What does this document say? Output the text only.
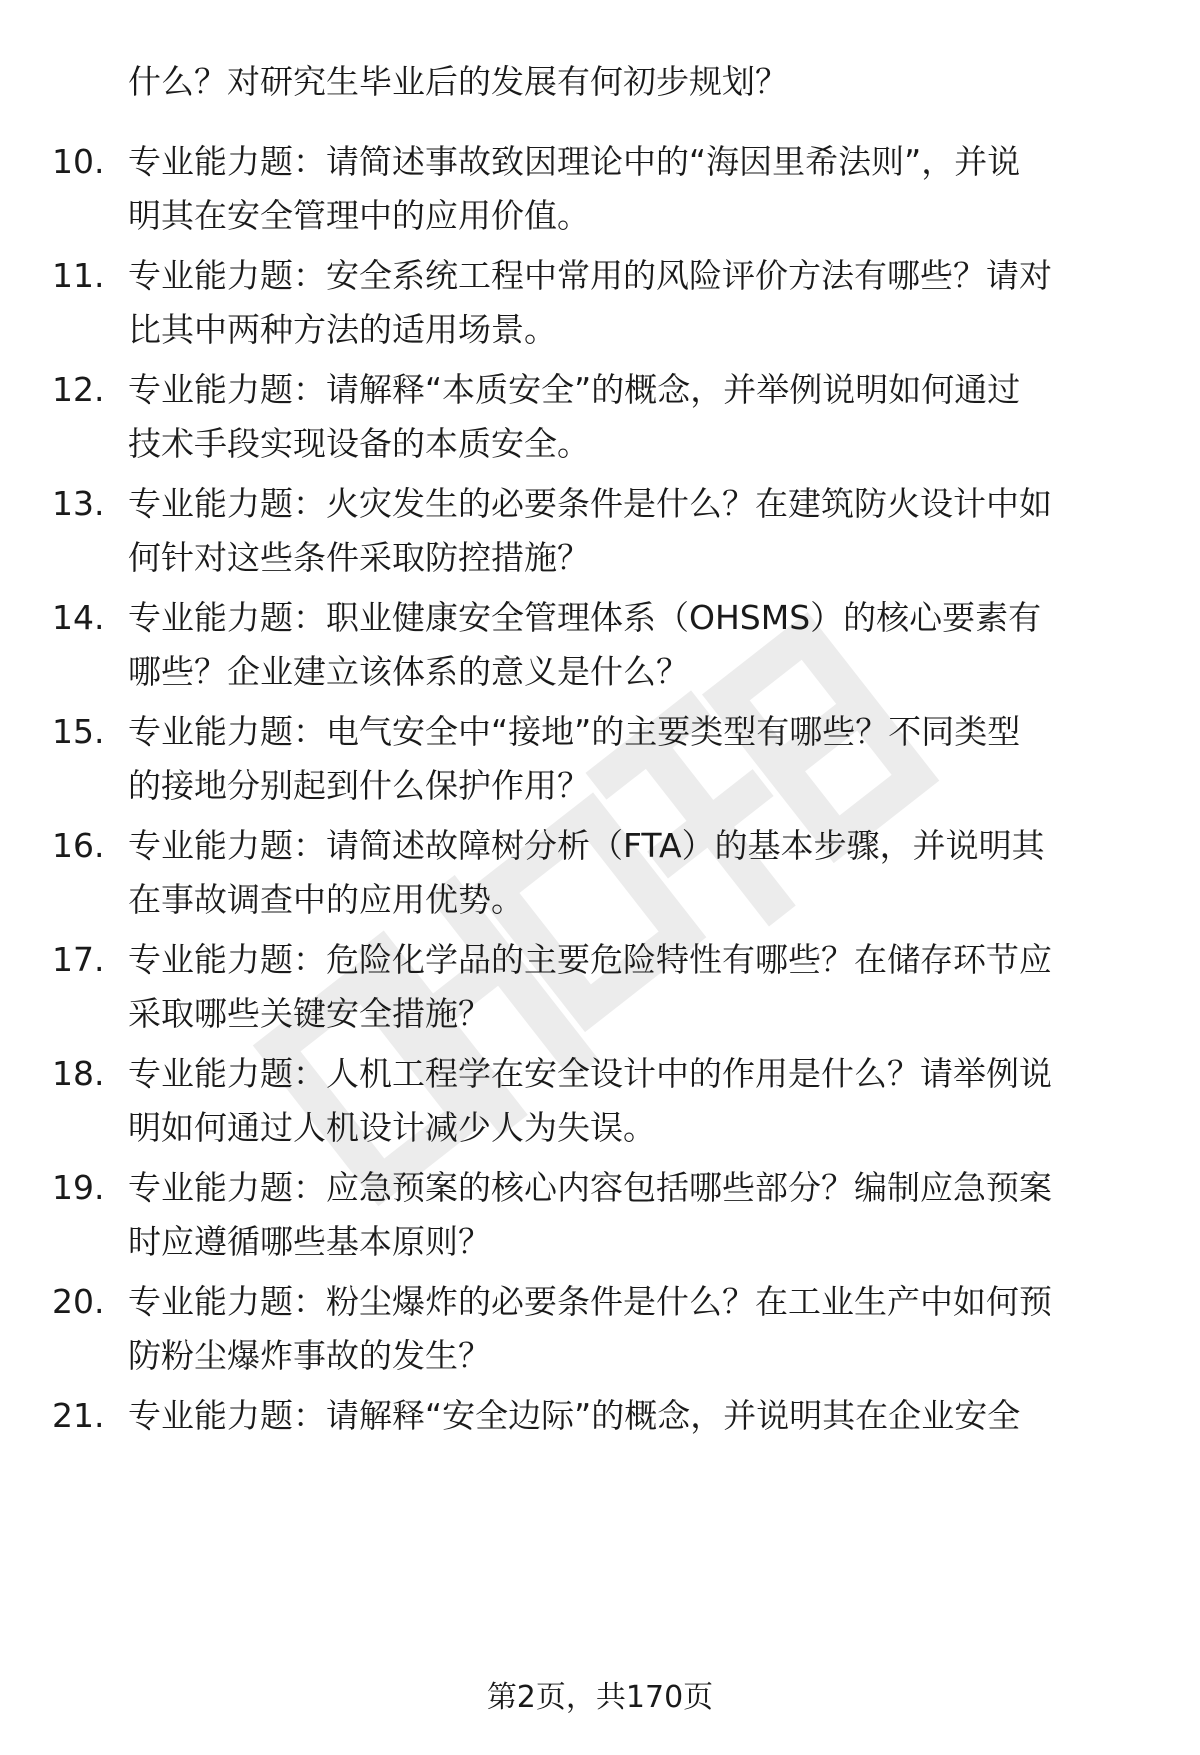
什么？对研究生毕业后的发展有何初步规划？
10. 专业能力题：请简述事故致因理论中的“海因里希法则”，并说
明其在安全管理中的应用价值。
11. 专业能力题：安全系统工程中常用的风险评价方法有哪些？请对
比其中两种方法的适用场景。
12. 专业能力题：请解释“本质安全”的概念，并举例说明如何通过
技术手段实现设备的本质安全。
13. 专业能力题：火灾发生的必要条件是什么？在建筑防火设计中如
何针对这些条件采取防控措施？
14. 专业能力题：职业健康安全管理体系（OHSMS）的核心要素有
哪些？企业建立该体系的意义是什么？
15. 专业能力题：电气安全中“接地”的主要类型有哪些？不同类型
的接地分别起到什么保护作用？
16. 专业能力题：请简述故障树分析（FTA）的基本步骤，并说明其
在事故调查中的应用优势。
17. 专业能力题：危险化学品的主要危险特性有哪些？在储存环节应
采取哪些关键安全措施？
18. 专业能力题：人机工程学在安全设计中的作用是什么？请举例说
明如何通过人机设计减少人为失误。
19. 专业能力题：应急预案的核心内容包括哪些部分？编制应急预案
时应遵循哪些基本原则？
20. 专业能力题：粉尘爆炸的必要条件是什么？在工业生产中如何预
防粉尘爆炸事故的发生？
21. 专业能力题：请解释“安全边际”的概念，并说明其在企业安全
第2页，共170页
